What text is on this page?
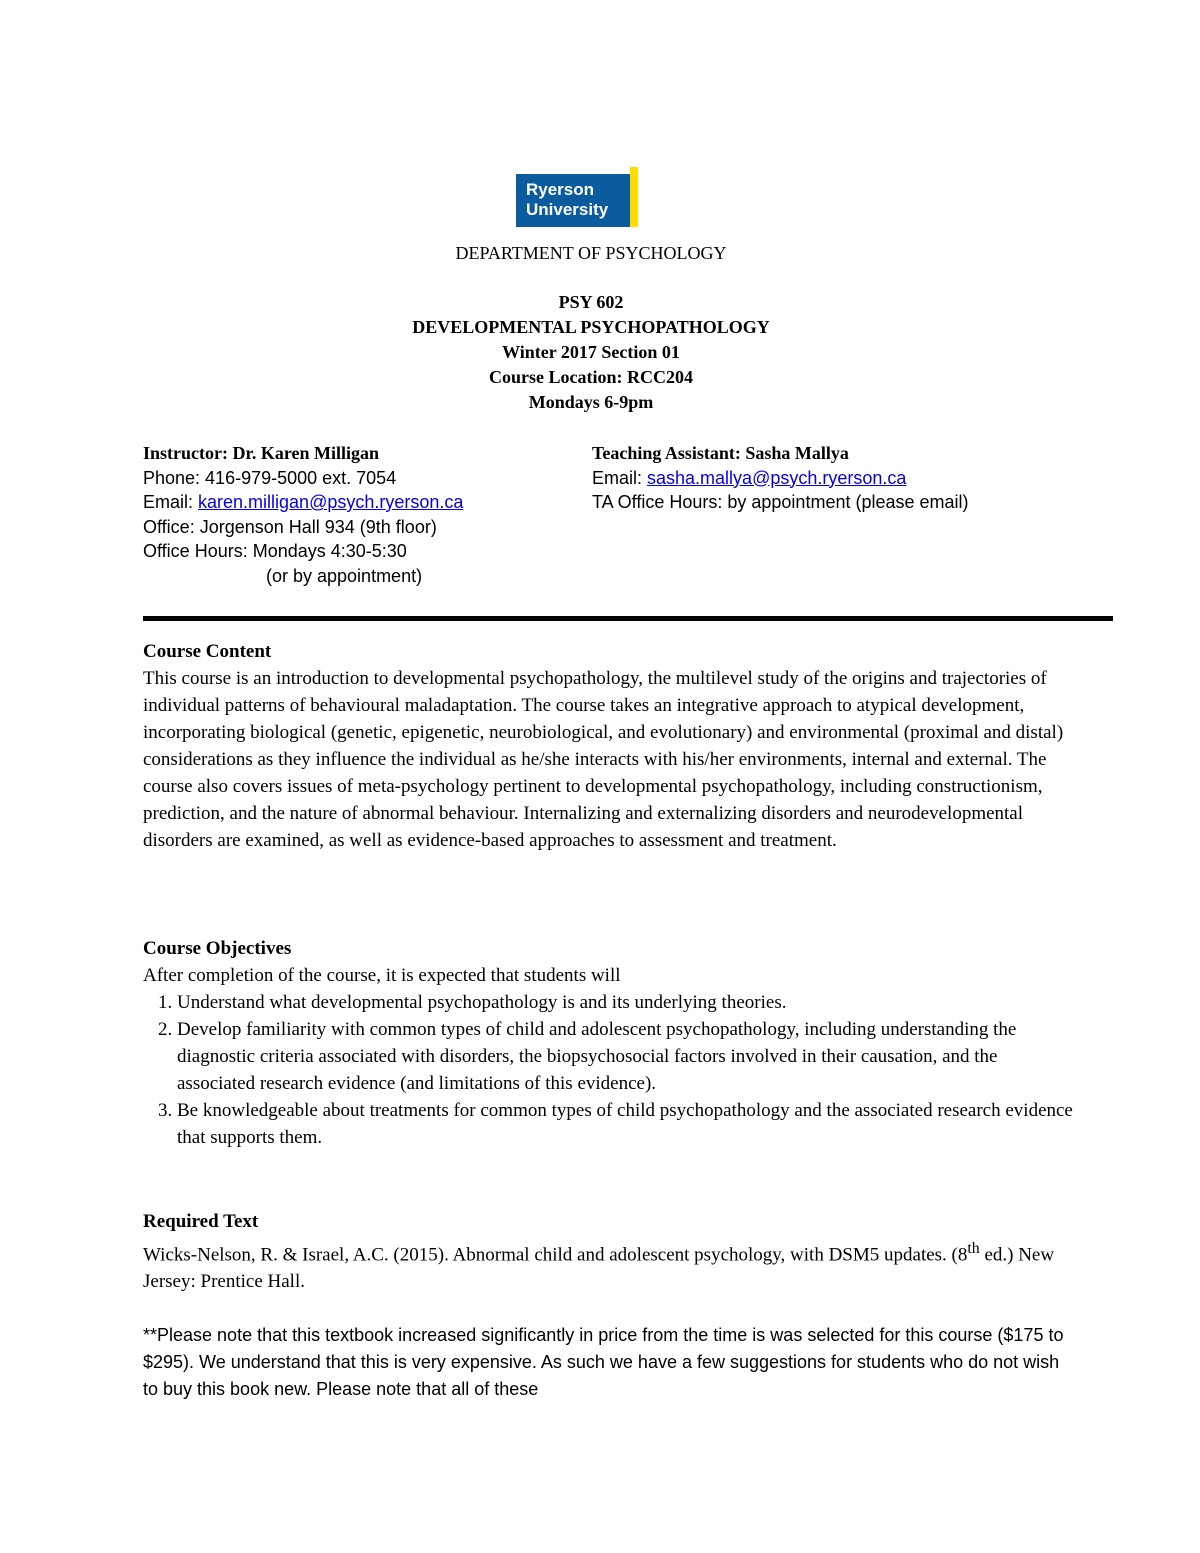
Ryerson
University
DEPARTMENT OF PSYCHOLOGY
PSY 602
DEVELOPMENTAL PSYCHOPATHOLOGY
Winter 2017 Section 01
Course Location: RCC204
Mondays 6-9pm
Instructor: Dr. Karen Milligan
Phone: 416-979-5000 ext. 7054
Email: karen.milligan@psych.ryerson.ca
Office: Jorgenson Hall 934 (9th floor)
Office Hours: Mondays 4:30-5:30
(or by appointment)
Teaching Assistant: Sasha Mallya
Email: sasha.mallya@psych.ryerson.ca
TA Office Hours: by appointment (please email)
Course Content

This course is an introduction to developmental psychopathology, the multilevel study of the origins and trajectories of individual patterns of behavioural maladaptation. The course takes an integrative approach to atypical development, incorporating biological (genetic, epigenetic, neurobiological, and evolutionary) and environmental (proximal and distal) considerations as they influence the individual as he/she interacts with his/her environments, internal and external. The course also covers issues of meta-psychology pertinent to developmental psychopathology, including constructionism, prediction, and the nature of abnormal behaviour. Internalizing and externalizing disorders and neurodevelopmental disorders are examined, as well as evidence-based approaches to assessment and treatment.

Course Objectives

After completion of the course, it is expected that students will

1. Understand what developmental psychopathology is and its underlying theories.
2. Develop familiarity with common types of child and adolescent psychopathology, including understanding the diagnostic criteria associated with disorders, the biopsychosocial factors involved in their causation, and the associated research evidence (and limitations of this evidence).
3. Be knowledgeable about treatments for common types of child psychopathology and the associated research evidence that supports them.
Required Text

Wicks-Nelson, R. & Israel, A.C. (2015). Abnormal child and adolescent psychology, with DSM5 updates. (8th ed.) New Jersey: Prentice Hall.

**Please note that this textbook increased significantly in price from the time is was selected for this course ($175 to $295). We understand that this is very expensive. As such we have a few suggestions for students who do not wish to buy this book new. Please note that all of these
